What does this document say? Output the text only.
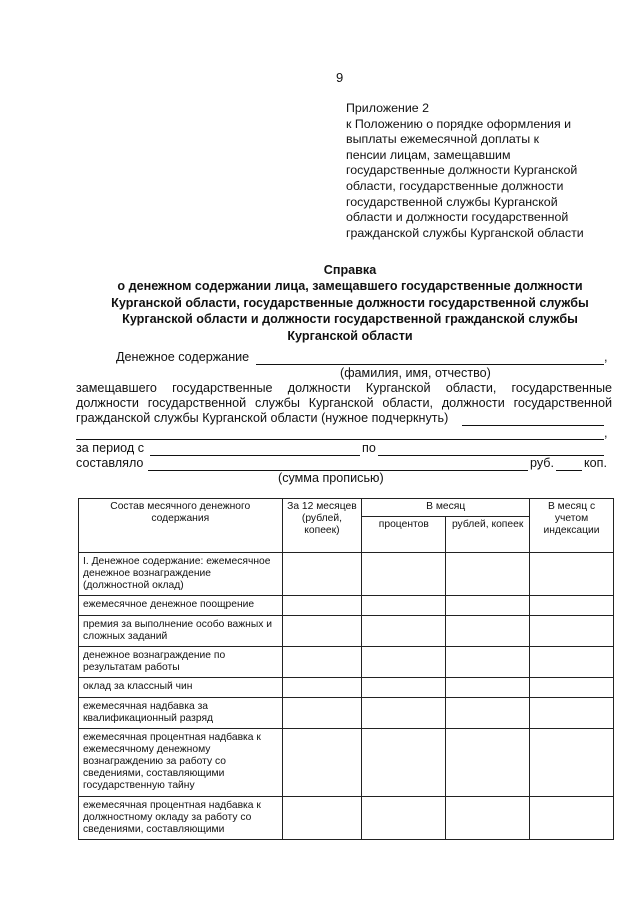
9
Приложение 2
к Положению о порядке оформления и
выплаты ежемесячной доплаты к
пенсии лицам, замещавшим
государственные должности Курганской
области, государственные должности
государственной службы Курганской
области и должности государственной
гражданской службы Курганской области
Справка
о денежном содержании лица, замещавшего государственные должности
Курганской области, государственные должности государственной службы
Курганской области и должности государственной гражданской службы
Курганской области
Денежное содержание	,
(фамилия, имя, отчество)
замещавшего государственные должности Курганской области, государственные
должности государственной службы Курганской области, должности государственной
гражданской службы Курганской области (нужное подчеркнуть)
,
за период с	по
составляло	руб. коп.
(сумма прописью)
Состав месячного денежного содержания	За 12 месяцев (рублей, копеек)	В месяц		В месяц с учетом индексации
		процентов	рублей, копеек	
I. Денежное содержание: ежемесячное денежное вознаграждение (должностной оклад)				
ежемесячное денежное поощрение				
премия за выполнение особо важных и сложных заданий				
денежное вознаграждение по результатам работы				
оклад за классный чин				
ежемесячная надбавка за квалификационный разряд				
ежемесячная процентная надбавка к ежемесячному денежному вознаграждению за работу со сведениями, составляющими государственную тайну				
ежемесячная процентная надбавка к должностному окладу за работу со сведениями, составляющими				
